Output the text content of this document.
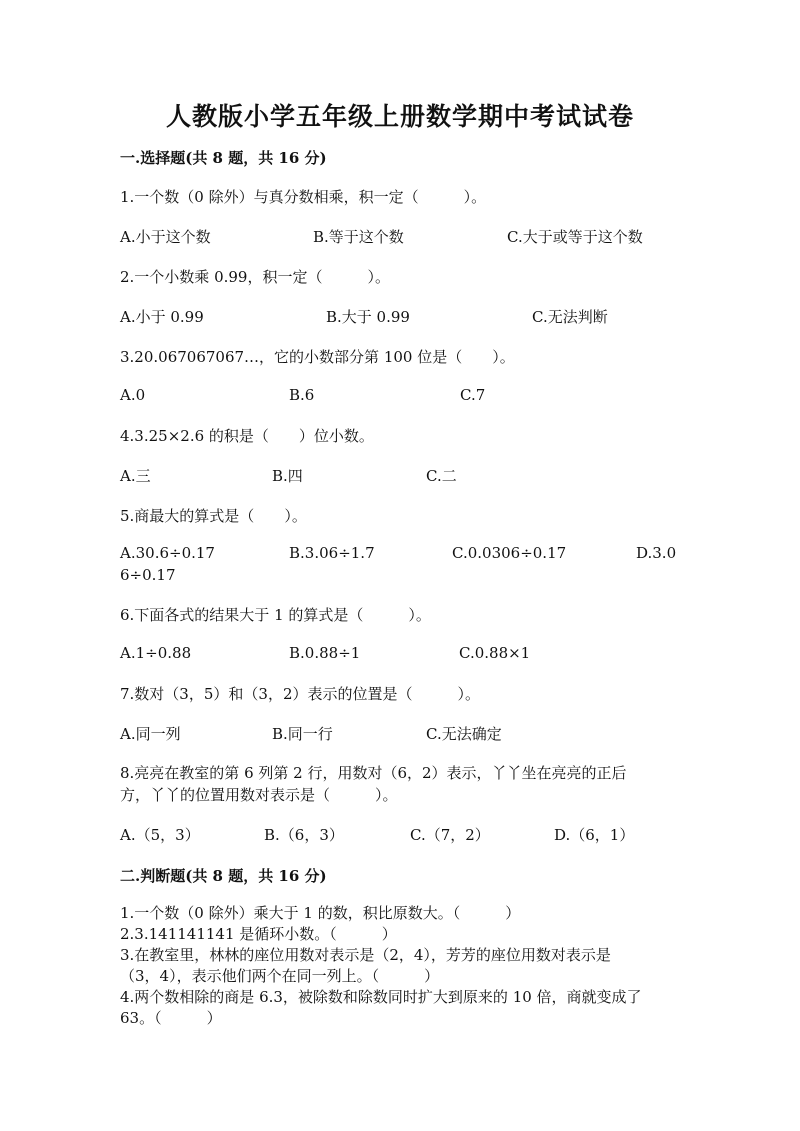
人教版小学五年级上册数学期中考试试卷
一.选择题(共 8 题，共 16 分)
1.一个数（0 除外）与真分数相乘，积一定（　　　）。
A.小于这个数	B.等于这个数	C.大于或等于这个数
2.一个小数乘 0.99，积一定（　　　）。
A.小于 0.99	B.大于 0.99	C.无法判断
3.20.067067067…，它的小数部分第 100 位是（　　）。
A.0	B.6	C.7
4.3.25×2.6 的积是（　　）位小数。
A.三	B.四	C.二
5.商最大的算式是（　　）。
A.30.6÷0.17	B.3.06÷1.7	C.0.0306÷0.17	D.3.0
6÷0.17
6.下面各式的结果大于 1 的算式是（　　　）。
A.1÷0.88	B.0.88÷1	C.0.88×1
7.数对（3，5）和（3，2）表示的位置是（　　　）。
A.同一列	B.同一行	C.无法确定
8.亮亮在教室的第 6 列第 2 行，用数对（6，2）表示，丫丫坐在亮亮的正后
方，丫丫的位置用数对表示是（　　　）。
A.（5，3）	B.（6，3）	C.（7，2）	D.（6，1）
二.判断题(共 8 题，共 16 分)
1.一个数（0 除外）乘大于 1 的数，积比原数大。（　　　）
2.3.141141141 是循环小数。（　　　）
3.在教室里，林林的座位用数对表示是（2，4），芳芳的座位用数对表示是
（3，4），表示他们两个在同一列上。（　　　）
4.两个数相除的商是 6.3，被除数和除数同时扩大到原来的 10 倍，商就变成了
63。（　　　）
